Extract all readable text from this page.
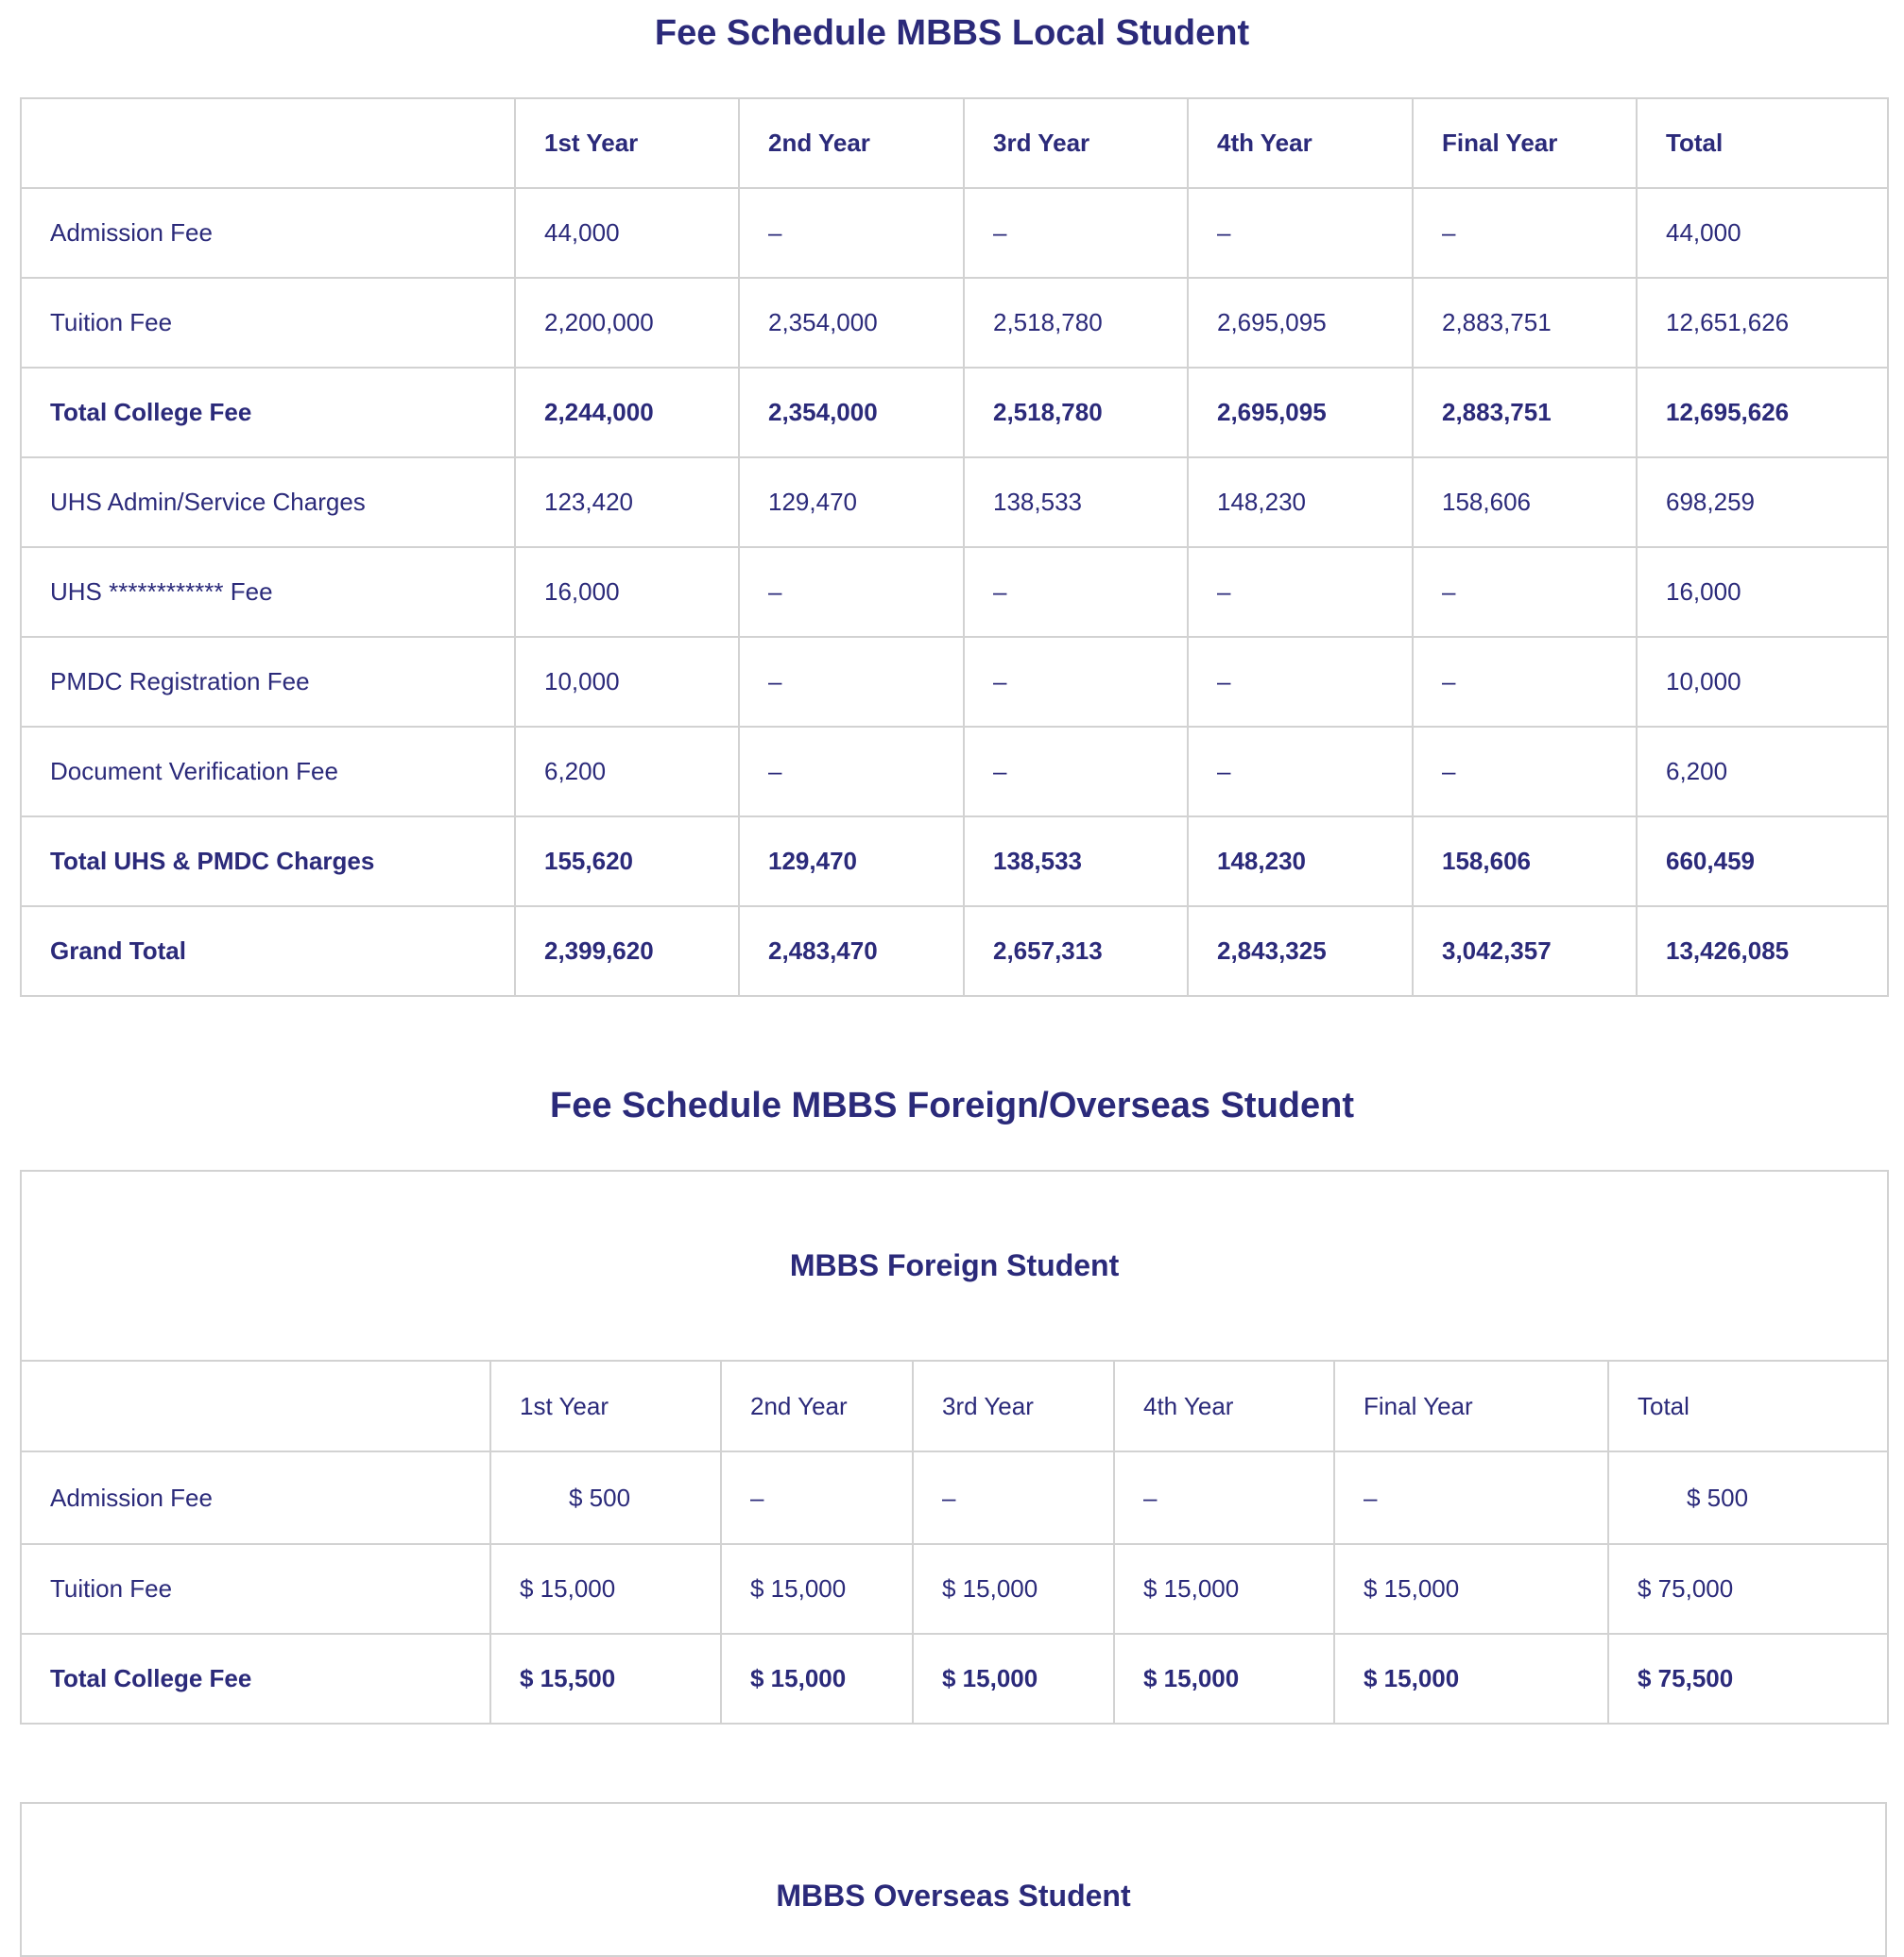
Fee Schedule MBBS Local Student
	1st Year	2nd Year	3rd Year	4th Year	Final Year	Total
Admission Fee	44,000	–	–	–	–	44,000
Tuition Fee	2,200,000	2,354,000	2,518,780	2,695,095	2,883,751	12,651,626
Total College Fee	2,244,000	2,354,000	2,518,780	2,695,095	2,883,751	12,695,626
UHS Admin/Service Charges	123,420	129,470	138,533	148,230	158,606	698,259
UHS ************ Fee	16,000	–	–	–	–	16,000
PMDC Registration Fee	10,000	–	–	–	–	10,000
Document Verification Fee	6,200	–	–	–	–	6,200
Total UHS & PMDC Charges	155,620	129,470	138,533	148,230	158,606	660,459
Grand Total	2,399,620	2,483,470	2,657,313	2,843,325	3,042,357	13,426,085
Fee Schedule MBBS Foreign/Overseas Student
MBBS Foreign Student						
	1st Year	2nd Year	3rd Year	4th Year	Final Year	Total
Admission Fee	$ 500	–	–	–	–	$ 500
Tuition Fee	$ 15,000	$ 15,000	$ 15,000	$ 15,000	$ 15,000	$ 75,000
Total College Fee	$ 15,500	$ 15,000	$ 15,000	$ 15,000	$ 15,000	$ 75,500
MBBS Overseas Student
